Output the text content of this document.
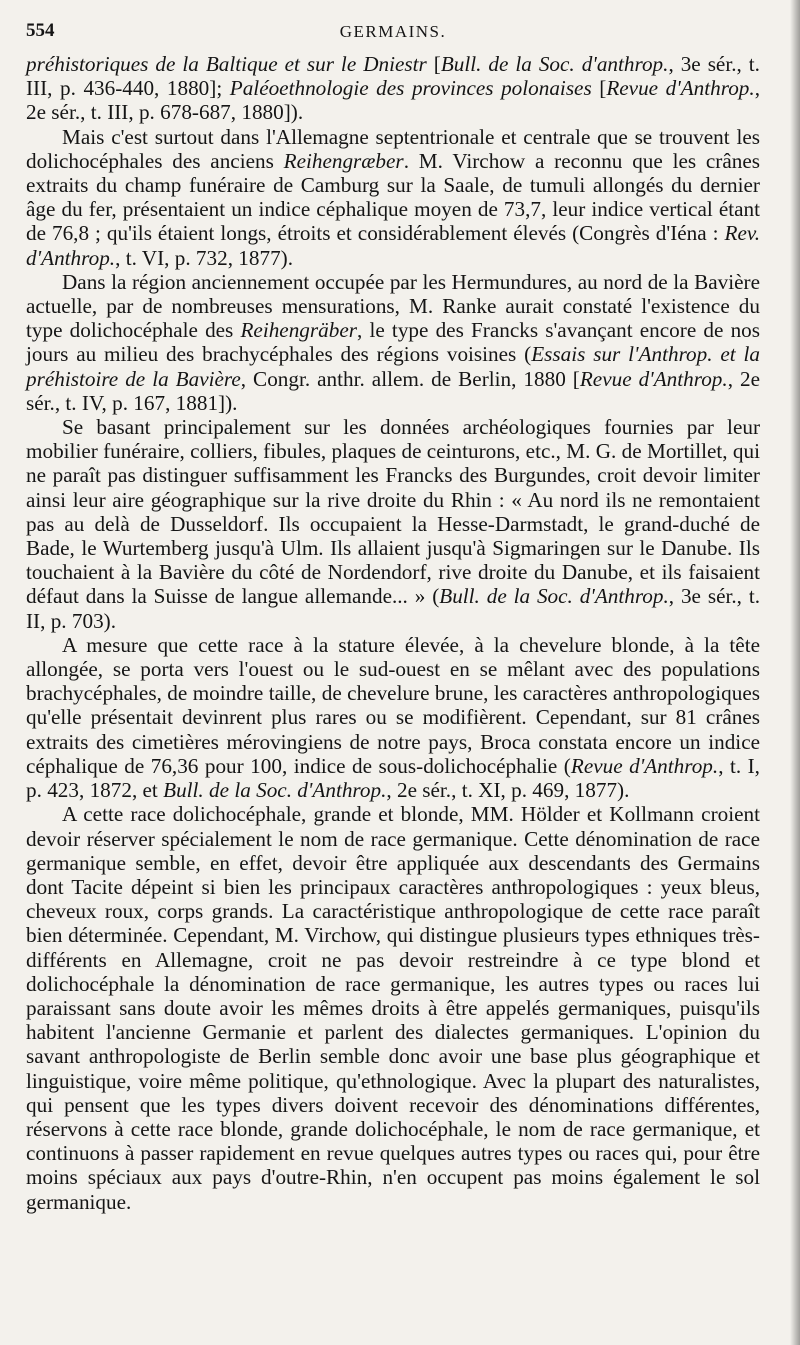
554	GERMAINS.

préhistoriques de la Baltique et sur le Dniestr [Bull. de la Soc. d'anthrop., 3e sér., t. III, p. 436-440, 1880]; Paléoethnologie des provinces polonaises [Revue d'Anthrop., 2e sér., t. III, p. 678-687, 1880]).

Mais c'est surtout dans l'Allemagne septentrionale et centrale que se trouvent les dolichocéphales des anciens Reihengræber. M. Virchow a reconnu que les crânes extraits du champ funéraire de Camburg sur la Saale, de tumuli allongés du dernier âge du fer, présentaient un indice céphalique moyen de 73,7, leur indice vertical étant de 76,8 ; qu'ils étaient longs, étroits et considérablement élevés (Congrès d'Iéna : Rev. d'Anthrop., t. VI, p. 732, 1877).

Dans la région anciennement occupée par les Hermundures, au nord de la Bavière actuelle, par de nombreuses mensurations, M. Ranke aurait constaté l'existence du type dolichocéphale des Reihengräber, le type des Francks s'avançant encore de nos jours au milieu des brachycéphales des régions voisines (Essais sur l'Anthrop. et la préhistoire de la Bavière, Congr. anthr. allem. de Berlin, 1880 [Revue d'Anthrop., 2e sér., t. IV, p. 167, 1881]).

Se basant principalement sur les données archéologiques fournies par leur mobilier funéraire, colliers, fibules, plaques de ceinturons, etc., M. G. de Mortillet, qui ne paraît pas distinguer suffisamment les Francks des Burgundes, croit devoir limiter ainsi leur aire géographique sur la rive droite du Rhin : « Au nord ils ne remontaient pas au delà de Dusseldorf. Ils occupaient la Hesse-Darmstadt, le grand-duché de Bade, le Wurtemberg jusqu'à Ulm. Ils allaient jusqu'à Sigmaringen sur le Danube. Ils touchaient à la Bavière du côté de Nordendorf, rive droite du Danube, et ils faisaient défaut dans la Suisse de langue allemande... » (Bull. de la Soc. d'Anthrop., 3e sér., t. II, p. 703).

A mesure que cette race à la stature élevée, à la chevelure blonde, à la tête allongée, se porta vers l'ouest ou le sud-ouest en se mêlant avec des populations brachycéphales, de moindre taille, de chevelure brune, les caractères anthropologiques qu'elle présentait devinrent plus rares ou se modifièrent. Cependant, sur 81 crânes extraits des cimetières mérovingiens de notre pays, Broca constata encore un indice céphalique de 76,36 pour 100, indice de sous-dolichocéphalie (Revue d'Anthrop., t. I, p. 423, 1872, et Bull. de la Soc. d'Anthrop., 2e sér., t. XI, p. 469, 1877).

A cette race dolichocéphale, grande et blonde, MM. Hölder et Kollmann croient devoir réserver spécialement le nom de race germanique. Cette dénomination de race germanique semble, en effet, devoir être appliquée aux descendants des Germains dont Tacite dépeint si bien les principaux caractères anthropologiques : yeux bleus, cheveux roux, corps grands. La caractéristique anthropologique de cette race paraît bien déterminée. Cependant, M. Virchow, qui distingue plusieurs types ethniques très-différents en Allemagne, croit ne pas devoir restreindre à ce type blond et dolichocéphale la dénomination de race germanique, les autres types ou races lui paraissant sans doute avoir les mêmes droits à être appelés germaniques, puisqu'ils habitent l'ancienne Germanie et parlent des dialectes germaniques. L'opinion du savant anthropologiste de Berlin semble donc avoir une base plus géographique et linguistique, voire même politique, qu'ethnologique. Avec la plupart des naturalistes, qui pensent que les types divers doivent recevoir des dénominations différentes, réservons à cette race blonde, grande dolichocéphale, le nom de race germanique, et continuons à passer rapidement en revue quelques autres types ou races qui, pour être moins spéciaux aux pays d'outre-Rhin, n'en occupent pas moins également le sol germanique.
